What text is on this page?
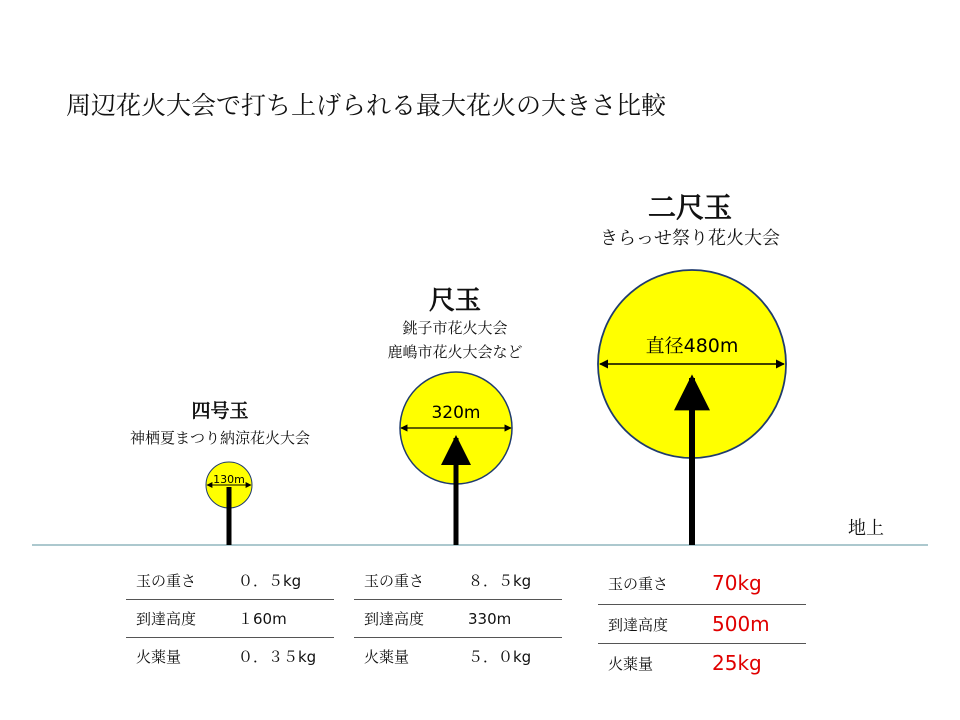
周辺花火大会で打ち上げられる最大花火の大きさ比較
四号玉
神栖夏まつり納涼花火大会
尺玉
銚子市花火大会
鹿嶋市花火大会など
二尺玉
きらっせ祭り花火大会
130m
320m
直径480m
地上
玉の重さ	０．５kg
到達高度	１60m
火薬量	０．３５kg
玉の重さ	８．５kg
到達高度	330m
火薬量	５．０kg
玉の重さ	70kg
到達高度	500m
火薬量	25kg
